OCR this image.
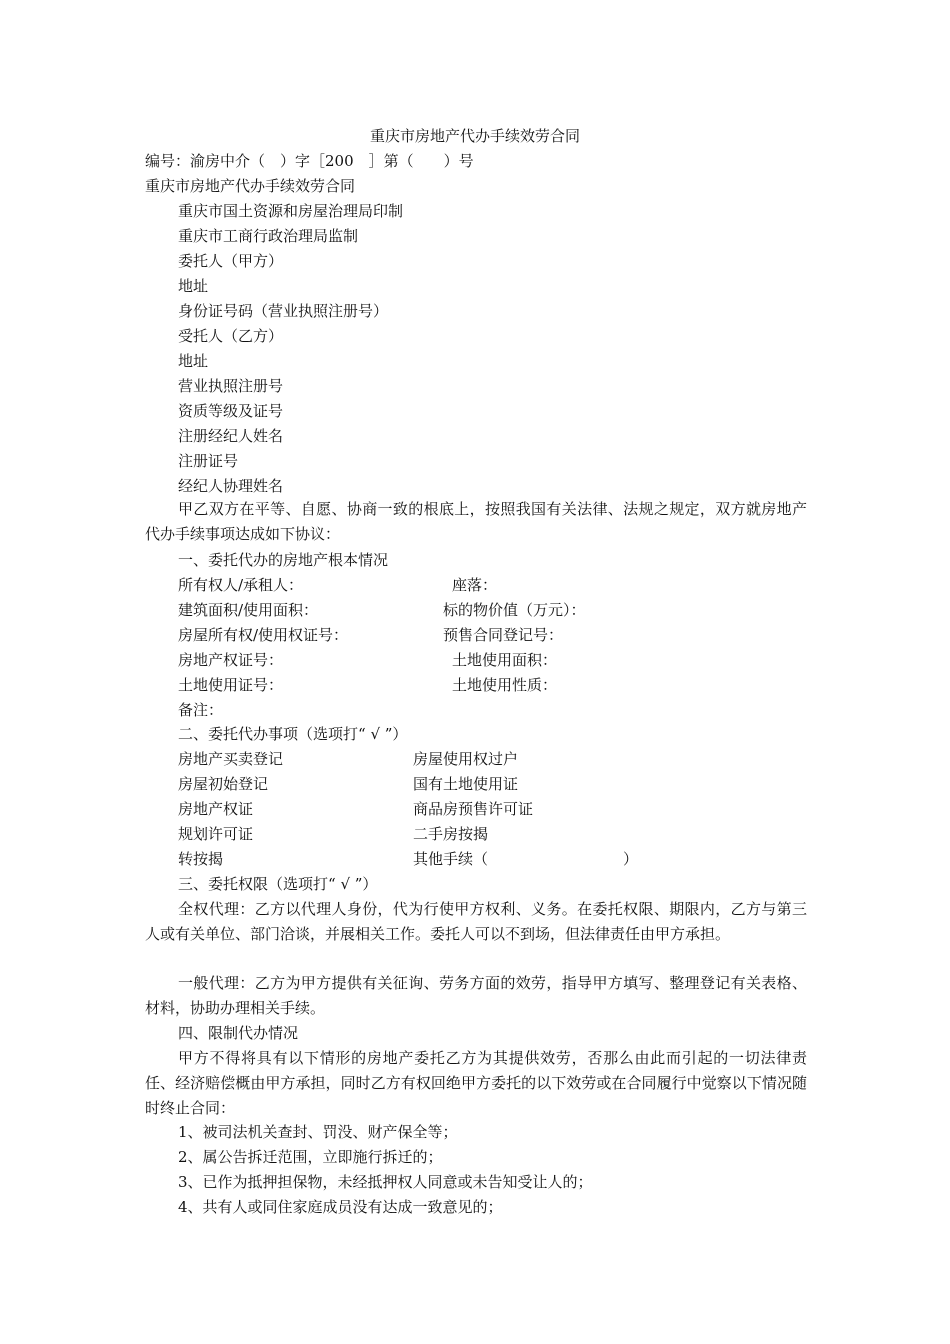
重庆市房地产代办手续效劳合同
编号：渝房中介（　）字［200　］第（　　）号
重庆市房地产代办手续效劳合同
重庆市国土资源和房屋治理局印制
重庆市工商行政治理局监制
委托人（甲方）
地址
身份证号码（营业执照注册号）
受托人（乙方）
地址
营业执照注册号
资质等级及证号
注册经纪人姓名
注册证号
经纪人协理姓名
甲乙双方在平等、自愿、协商一致的根底上，按照我国有关法律、法规之规定，双方就房地产代办手续事项达成如下协议：
一、委托代办的房地产根本情况
所有权人/承租人：	座落：
建筑面积/使用面积：	标的物价值（万元）：
房屋所有权/使用权证号：	预售合同登记号：
房地产权证号：	土地使用面积：
土地使用证号：	土地使用性质：
备注：
二、委托代办事项（选项打“ √ ”）
房地产买卖登记	房屋使用权过户
房屋初始登记	国有土地使用证
房地产权证	商品房预售许可证
规划许可证	二手房按揭
转按揭	其他手续（　　　　　　　　　）
三、委托权限（选项打“ √ ”）
全权代理：乙方以代理人身份，代为行使甲方权利、义务。在委托权限、期限内，乙方与第三人或有关单位、部门洽谈，并展相关工作。委托人可以不到场，但法律责任由甲方承担。
一般代理：乙方为甲方提供有关征询、劳务方面的效劳，指导甲方填写、整理登记有关表格、材料，协助办理相关手续。
四、限制代办情况
甲方不得将具有以下情形的房地产委托乙方为其提供效劳，否那么由此而引起的一切法律责任、经济赔偿概由甲方承担，同时乙方有权回绝甲方委托的以下效劳或在合同履行中觉察以下情况随时终止合同：
1、被司法机关查封、罚没、财产保全等；
2、属公告拆迁范围，立即施行拆迁的；
3、已作为抵押担保物，未经抵押权人同意或未告知受让人的；
4、共有人或同住家庭成员没有达成一致意见的；
